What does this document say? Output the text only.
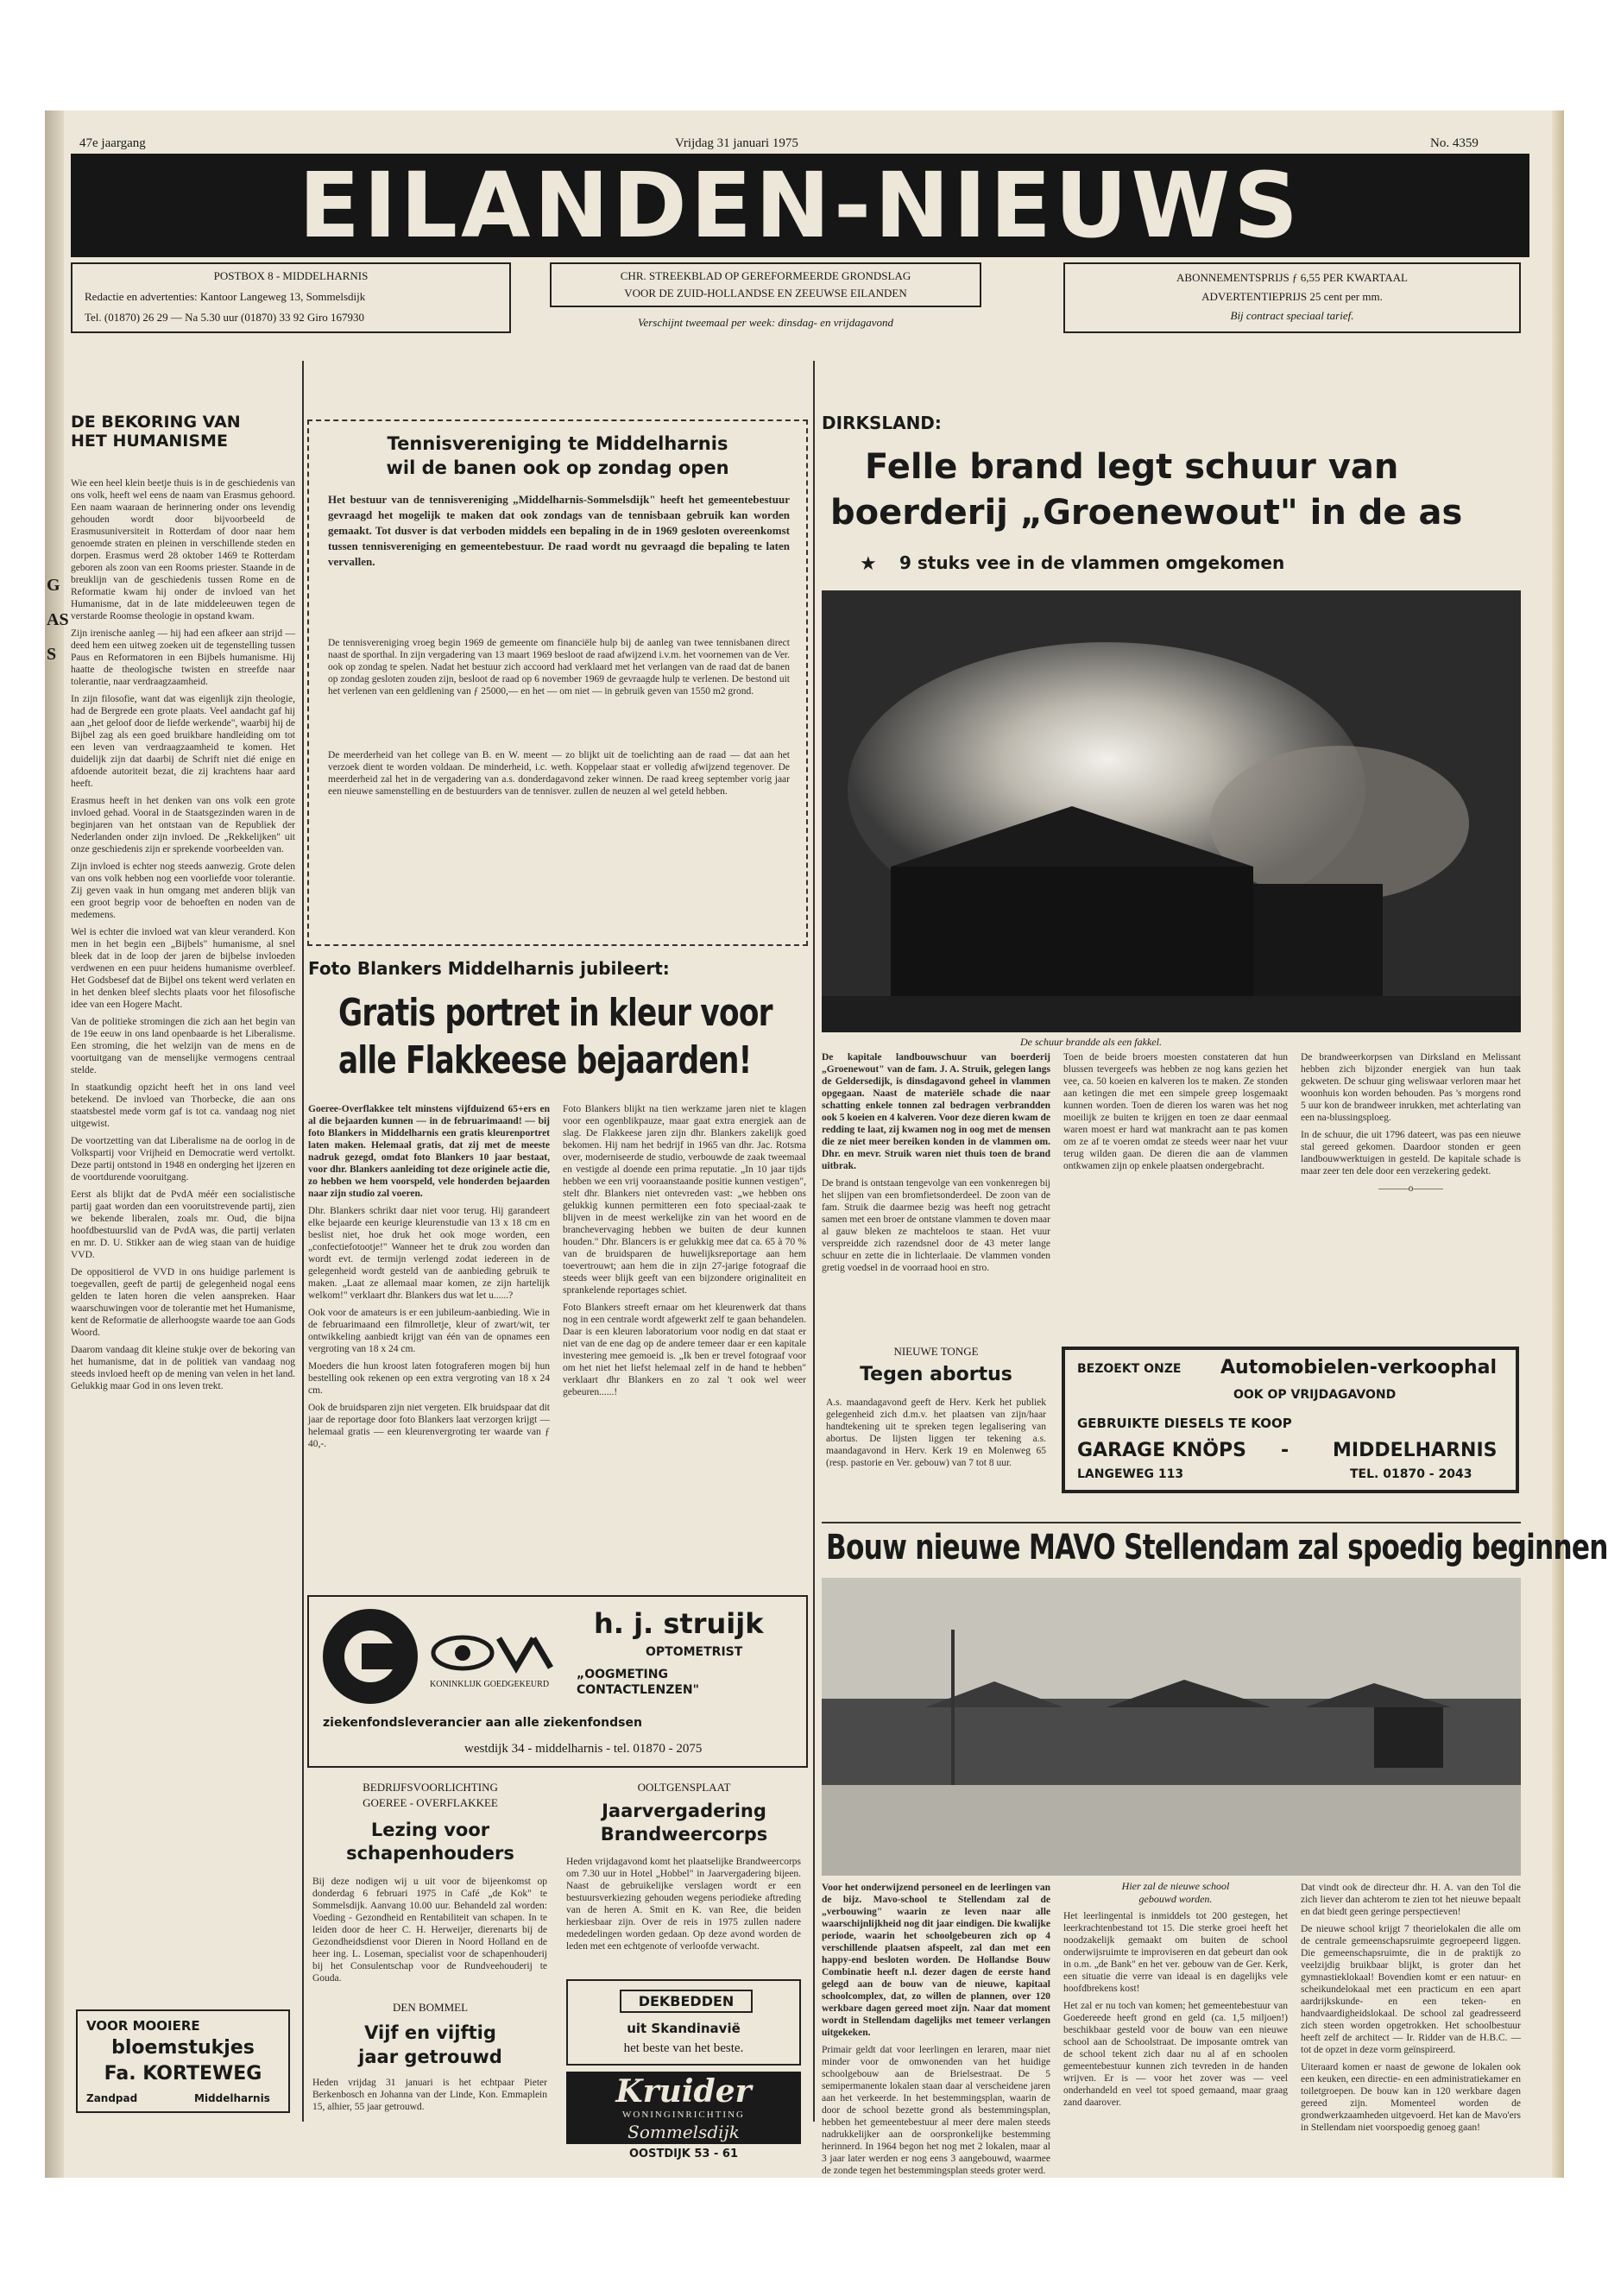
47e jaargang	Vrijdag 31 januari 1975	No. 4359
EILANDEN-NIEUWS
POSTBOX 8 - MIDDELHARNIS
Redactie en advertenties: Kantoor Langeweg 13, Sommelsdijk
Tel. (01870) 26 29 — Na 5.30 uur (01870) 33 92 Giro 167930
CHR. STREEKBLAD OP GEREFORMEERDE GRONDSLAG
VOOR DE ZUID-HOLLANDSE EN ZEEUWSE EILANDEN
Verschijnt tweemaal per week: dinsdag- en vrijdagavond
ABONNEMENTSPRIJS ƒ 6,55 PER KWARTAAL
ADVERTENTIEPRIJS 25 cent per mm.
Bij contract speciaal tarief.
G
AS
S
DE BEKORING VAN HET HUMANISME

Wie een heel klein beetje thuis is in de geschiedenis van ons volk, heeft wel eens de naam van Erasmus gehoord. Een naam waaraan de herinnering onder ons levendig gehouden wordt door bijvoorbeeld de Erasmusuniversiteit in Rotterdam of door naar hem genoemde straten en pleinen in verschillende steden en dorpen. Erasmus werd 28 oktober 1469 te Rotterdam geboren als zoon van een Rooms priester. Staande in de breuklijn van de geschiedenis tussen Rome en de Reformatie kwam hij onder de invloed van het Humanisme, dat in de late middeleeuwen tegen de verstarde Roomse theologie in opstand kwam.

Zijn irenische aanleg — hij had een afkeer aan strijd — deed hem een uitweg zoeken uit de tegenstelling tussen Paus en Reformatoren in een Bijbels humanisme. Hij haatte de theologische twisten en streefde naar tolerantie, naar verdraagzaamheid.

In zijn filosofie, want dat was eigenlijk zijn theologie, had de Bergrede een grote plaats. Veel aandacht gaf hij aan „het geloof door de liefde werkende", waarbij hij de Bijbel zag als een goed bruikbare handleiding om tot een leven van verdraagzaamheid te komen. Het duidelijk zijn dat daarbij de Schrift niet dié enige en afdoende autoriteit bezat, die zij krachtens haar aard heeft.

Erasmus heeft in het denken van ons volk een grote invloed gehad. Vooral in de Staatsgezinden waren in de beginjaren van het ontstaan van de Republiek der Nederlanden onder zijn invloed. De „Rekkelijken" uit onze geschiedenis zijn er sprekende voorbeelden van.

Zijn invloed is echter nog steeds aanwezig. Grote delen van ons volk hebben nog een voorliefde voor tolerantie. Zij geven vaak in hun omgang met anderen blijk van een groot begrip voor de behoeften en noden van de medemens.

Wel is echter die invloed wat van kleur veranderd. Kon men in het begin een „Bijbels" humanisme, al snel bleek dat in de loop der jaren de bijbelse invloeden verdwenen en een puur heidens humanisme overbleef. Het Godsbesef dat de Bijbel ons tekent werd verlaten en in het denken bleef slechts plaats voor het filosofische idee van een Hogere Macht.

Van de politieke stromingen die zich aan het begin van de 19e eeuw in ons land openbaarde is het Liberalisme. Een stroming, die het welzijn van de mens en de voortuitgang van de menselijke vermogens centraal stelde.

In staatkundig opzicht heeft het in ons land veel betekend. De invloed van Thorbecke, die aan ons staatsbestel mede vorm gaf is tot ca. vandaag nog niet uitgewist.

De voortzetting van dat Liberalisme na de oorlog in de Volkspartij voor Vrijheid en Democratie werd vertolkt. Deze partij ontstond in 1948 en onderging het ijzeren en de voortdurende vooruitgang.

Eerst als blijkt dat de PvdA méér een socialistische partij gaat worden dan een vooruitstrevende partij, zien we bekende liberalen, zoals mr. Oud, die bijna hoofdbestuurslid van de PvdA was, die partij verlaten en mr. D. U. Stikker aan de wieg staan van de huidige VVD.

De oppositierol de VVD in ons huidige parlement is toegevallen, geeft de partij de gelegenheid nogal eens gelden te laten horen die velen aanspreken. Haar waarschuwingen voor de tolerantie met het Humanisme, kent de Reformatie de allerhoogste waarde toe aan Gods Woord.

Daarom vandaag dit kleine stukje over de bekoring van het humanisme, dat in de politiek van vandaag nog steeds invloed heeft op de mening van velen in het land. Gelukkig maar God in ons leven trekt.

VOOR MOOIERE
bloemstukjes
Fa. KORTEWEG
Zandpad	Middelharnis
Tennisvereniging te Middelharnis
wil de banen ook op zondag open
Het bestuur van de tennisvereniging „Middelharnis-Sommelsdijk" heeft het gemeentebestuur gevraagd het mogelijk te maken dat ook zondags van de tennisbaan gebruik kan worden gemaakt. Tot dusver is dat verboden middels een bepaling in de in 1969 gesloten overeenkomst tussen tennisvereniging en gemeentebestuur. De raad wordt nu gevraagd die bepaling te laten vervallen.
De tennisvereniging vroeg begin 1969 de gemeente om financiële hulp bij de aanleg van twee tennisbanen direct naast de sporthal. In zijn vergadering van 13 maart 1969 besloot de raad afwijzend i.v.m. het voornemen van de Ver. ook op zondag te spelen. Nadat het bestuur zich accoord had verklaard met het verlangen van de raad dat de banen op zondag gesloten zouden zijn, besloot de raad op 6 november 1969 de gevraagde hulp te verlenen. De bestond uit het verlenen van een geldlening van ƒ 25000,— en het — om niet — in gebruik geven van 1550 m2 grond.
De meerderheid van het college van B. en W. meent — zo blijkt uit de toelichting aan de raad — dat aan het verzoek dient te worden voldaan. De minderheid, i.c. weth. Koppelaar staat er volledig afwijzend tegenover. De meerderheid zal het in de vergadering van a.s. donderdagavond zeker winnen. De raad kreeg september vorig jaar een nieuwe samenstelling en de bestuurders van de tennisver. zullen de neuzen al wel geteld hebben.
Foto Blankers Middelharnis jubileert:
Gratis portret in kleur voor
alle Flakkeese bejaarden!

Goeree-Overflakkee telt minstens vijfduizend 65+ers en al die bejaarden kunnen — in de februarimaand! — bij foto Blankers in Middelharnis een gratis kleurenportret laten maken. Helemaal gratis, dat zij met de meeste nadruk gezegd, omdat foto Blankers 10 jaar bestaat, voor dhr. Blankers aanleiding tot deze originele actie die, zo hebben we hem voorspeld, vele honderden bejaarden naar zijn studio zal voeren.

Dhr. Blankers schrikt daar niet voor terug. Hij garandeert elke bejaarde een keurige kleurenstudie van 13 x 18 cm en beslist niet, hoe druk het ook moge worden, een „confectiefotootje!" Wanneer het te druk zou worden dan wordt evt. de termijn verlengd zodat iedereen in de gelegenheid wordt gesteld van de aanbieding gebruik te maken. „Laat ze allemaal maar komen, ze zijn hartelijk welkom!" verklaart dhr. Blankers dus wat let u......?

Ook voor de amateurs is er een jubileum-aanbieding. Wie in de februarimaand een filmrolletje, kleur of zwart/wit, ter ontwikkeling aanbiedt krijgt van één van de opnames een vergroting van 18 x 24 cm.

Moeders die hun kroost laten fotograferen mogen bij hun bestelling ook rekenen op een extra vergroting van 18 x 24 cm.

Ook de bruidsparen zijn niet vergeten. Elk bruidspaar dat dit jaar de reportage door foto Blankers laat verzorgen krijgt — helemaal gratis — een kleurenvergroting ter waarde van ƒ 40,-.

Foto Blankers blijkt na tien werkzame jaren niet te klagen voor een ogenblikpauze, maar gaat extra energiek aan de slag. De Flakkeese jaren zijn dhr. Blankers zakelijk goed bekomen. Hij nam het bedrijf in 1965 van dhr. Jac. Rotsma over, moderniseerde de studio, verbouwde de zaak tweemaal en vestigde al doende een prima reputatie. „In 10 jaar tijds hebben we een vrij vooraanstaande positie kunnen vestigen", stelt dhr. Blankers niet ontevreden vast: „we hebben ons gelukkig kunnen permitteren een foto speciaal-zaak te blijven in de meest werkelijke zin van het woord en de branchevervaging hebben we buiten de deur kunnen houden." Dhr. Blancers is er gelukkig mee dat ca. 65 à 70 % van de bruidsparen de huwelijksreportage aan hem toevertrouwt; aan hem die in zijn 27-jarige fotograaf die steeds weer blijk geeft van een bijzondere originaliteit en sprankelende reportages schiet.

Foto Blankers streeft ernaar om het kleurenwerk dat thans nog in een centrale wordt afgewerkt zelf te gaan behandelen. Daar is een kleuren laboratorium voor nodig en dat staat er niet van de ene dag op de andere temeer daar er een kapitale investering mee gemoeid is. „Ik ben er trevel fotograaf voor om het niet het liefst helemaal zelf in de hand te hebben" verklaart dhr Blankers en zo zal 't ook wel weer gebeuren......!

KONINKLIJK GOEDGEKEURD
h. j. struijk
OPTOMETRIST
„OOGMETING
CONTACTLENZEN"
ziekenfondsleverancier aan alle ziekenfondsen
westdijk 34 - middelharnis - tel. 01870 - 2075
BEDRIJFSVOORLICHTING
GOEREE - OVERFLAKKEE
Lezing voor
schapenhouders
Bij deze nodigen wij u uit voor de bijeenkomst op donderdag 6 februari 1975 in Café „de Kok" te Sommelsdijk. Aanvang 10.00 uur. Behandeld zal worden: Voeding - Gezondheid en Rentabiliteit van schapen. In te leiden door de heer C. H. Herweijer, dierenarts bij de Gezondheidsdienst voor Dieren in Noord Holland en de heer ing. L. Loseman, specialist voor de schapenhouderij bij het Consulentschap voor de Rundveehouderij te Gouda.
DEN BOMMEL
Vijf en vijftig
jaar getrouwd
Heden vrijdag 31 januari is het echtpaar Pieter Berkenbosch en Johanna van der Linde, Kon. Emmaplein 15, alhier, 55 jaar getrouwd.
OOLTGENSPLAAT
Jaarvergadering
Brandweercorps
Heden vrijdagavond komt het plaatselijke Brandweercorps om 7.30 uur in Hotel „Hobbel" in Jaarvergadering bijeen. Naast de gebruikelijke verslagen wordt er een bestuursverkiezing gehouden wegens periodieke aftreding van de heren A. Smit en K. van Ree, die beiden herkiesbaar zijn. Over de reis in 1975 zullen nadere mededelingen worden gedaan. Op deze avond worden de leden met een echtgenote of verloofde verwacht.
DEKBEDDEN
uit Skandinavië
het beste van het beste.
Kruider
WONINGINRICHTING
Sommelsdijk
OOSTDIJK 53 - 61
DIRKSLAND:
Felle brand legt schuur van
boerderij „Groenewout" in de as
★ 9 stuks vee in de vlammen omgekomen
De schuur brandde als een fakkel.

De kapitale landbouwschuur van boerderij „Groenewout" van de fam. J. A. Struik, gelegen langs de Geldersedijk, is dinsdagavond geheel in vlammen opgegaan. Naast de materiële schade die naar schatting enkele tonnen zal bedragen verbrandden ook 5 koeien en 4 kalveren. Voor deze dieren kwam de redding te laat, zij kwamen nog in oog met de mensen die ze niet meer bereiken konden in de vlammen om. Dhr. en mevr. Struik waren niet thuis toen de brand uitbrak.

De brand is ontstaan tengevolge van een vonkenregen bij het slijpen van een bromfietsonderdeel. De zoon van de fam. Struik die daarmee bezig was heeft nog getracht samen met een broer de ontstane vlammen te doven maar al gauw bleken ze machteloos te staan. Het vuur verspreidde zich razendsnel door de 43 meter lange schuur en zette die in lichterlaaie. De vlammen vonden gretig voedsel in de voorraad hooi en stro.

Toen de beide broers moesten constateren dat hun blussen tevergeefs was hebben ze nog kans gezien het vee, ca. 50 koeien en kalveren los te maken. Ze stonden aan ketingen die met een simpele greep losgemaakt kunnen worden. Toen de dieren los waren was het nog moeilijk ze buiten te krijgen en toen ze daar eenmaal waren moest er hard wat mankracht aan te pas komen om ze af te voeren omdat ze steeds weer naar het vuur terug wilden gaan. De dieren die aan de vlammen ontkwamen zijn op enkele plaatsen ondergebracht.

De brandweerkorpsen van Dirksland en Melissant hebben zich bijzonder energiek van hun taak gekweten. De schuur ging weliswaar verloren maar het woonhuis kon worden behouden. Pas 's morgens rond 5 uur kon de brandweer inrukken, met achterlating van een na-blussingsploeg.

In de schuur, die uit 1796 dateert, was pas een nieuwe stal gereed gekomen. Daardoor stonden er geen landbouwwerktuigen in gesteld. De kapitale schade is maar zeer ten dele door een verzekering gedekt.

———o———
NIEUWE TONGE
Tegen abortus
A.s. maandagavond geeft de Herv. Kerk het publiek gelegenheid zich d.m.v. het plaatsen van zijn/haar handtekening uit te spreken tegen legalisering van abortus. De lijsten liggen ter tekening a.s. maandagavond in Herv. Kerk 19 en Molenweg 65 (resp. pastorie en Ver. gebouw) van 7 tot 8 uur.
BEZOEKT ONZE Automobielen-verkoophal
OOK OP VRIJDAGAVOND
GEBRUIKTE DIESELS TE KOOP
GARAGE KNÖPS - MIDDELHARNIS
LANGEWEG 113	TEL. 01870 - 2043
Bouw nieuwe MAVO Stellendam zal spoedig beginnen
Hier zal de nieuwe school
gebouwd worden.

Voor het onderwijzend personeel en de leerlingen van de bijz. Mavo-school te Stellendam zal de „verbouwing" waarin ze leven naar alle waarschijnlijkheid nog dit jaar eindigen. Die kwalijke periode, waarin het schoolgebeuren zich op 4 verschillende plaatsen afspeelt, zal dan met een happy-end besloten worden. De Hollandse Bouw Combinatie heeft n.l. dezer dagen de eerste hand gelegd aan de bouw van de nieuwe, kapitaal schoolcomplex, dat, zo willen de plannen, over 120 werkbare dagen gereed moet zijn. Naar dat moment wordt in Stellendam dagelijks met temeer verlangen uitgekeken.

Primair geldt dat voor leerlingen en leraren, maar niet minder voor de omwonenden van het huidige schoolgebouw aan de Brielsestraat. De 5 semipermanente lokalen staan daar al verscheidene jaren aan het verkeerde. In het bestemmingsplan, waarin de door de school bezette grond als bestemmingsplan, hebben het gemeentebestuur al meer dere malen steeds nadrukkelijker aan de oorspronkelijke bestemming herinnerd. In 1964 begon het nog met 2 lokalen, maar al 3 jaar later werden er nog eens 3 aangebouwd, waarmee de zonde tegen het bestemmingsplan steeds groter werd.

Het leerlingental is inmiddels tot 200 gestegen, het leerkrachtenbestand tot 15. Die sterke groei heeft het noodzakelijk gemaakt om buiten de school onderwijsruimte te improviseren en dat gebeurt dan ook in o.m. „de Bank" en het ver. gebouw van de Ger. Kerk, een situatie die verre van ideaal is en dagelijks vele hoofdbrekens kost!

Het zal er nu toch van komen; het gemeentebestuur van Goedereede heeft grond en geld (ca. 1,5 miljoen!) beschikbaar gesteld voor de bouw van een nieuwe school aan de Schoolstraat. De imposante omtrek van de school tekent zich daar nu al af en schoolen gemeentebestuur kunnen zich tevreden in de handen wrijven. Er is — voor het zover was — veel onderhandeld en veel tot spoed gemaand, maar graag zand daarover.

Dat vindt ook de directeur dhr. H. A. van den Tol die zich liever dan achterom te zien tot het nieuwe bepaalt en dat biedt geen geringe perspectieven!

De nieuwe school krijgt 7 theorielokalen die alle om de centrale gemeenschapsruimte gegroepeerd liggen. Die gemeenschapsruimte, die in de praktijk zo veelzijdig bruikbaar blijkt, is groter dan het gymnastieklokaal! Bovendien komt er een natuur- en scheikundelokaal met een practicum en een apart aardrijkskunde- en een teken- en handvaardigheidslokaal. De school zal geadresseerd zich steen worden opgetrokken. Het schoolbestuur heeft zelf de architect — Ir. Ridder van de H.B.C. — tot de opzet in deze vorm geïnspireerd.

Uiteraard komen er naast de gewone de lokalen ook een keuken, een directie- en een administratiekamer en toiletgroepen. De bouw kan in 120 werkbare dagen gereed zijn. Momenteel worden de grondwerkzaamheden uitgevoerd. Het kan de Mavo'ers in Stellendam niet voorspoedig genoeg gaan!
